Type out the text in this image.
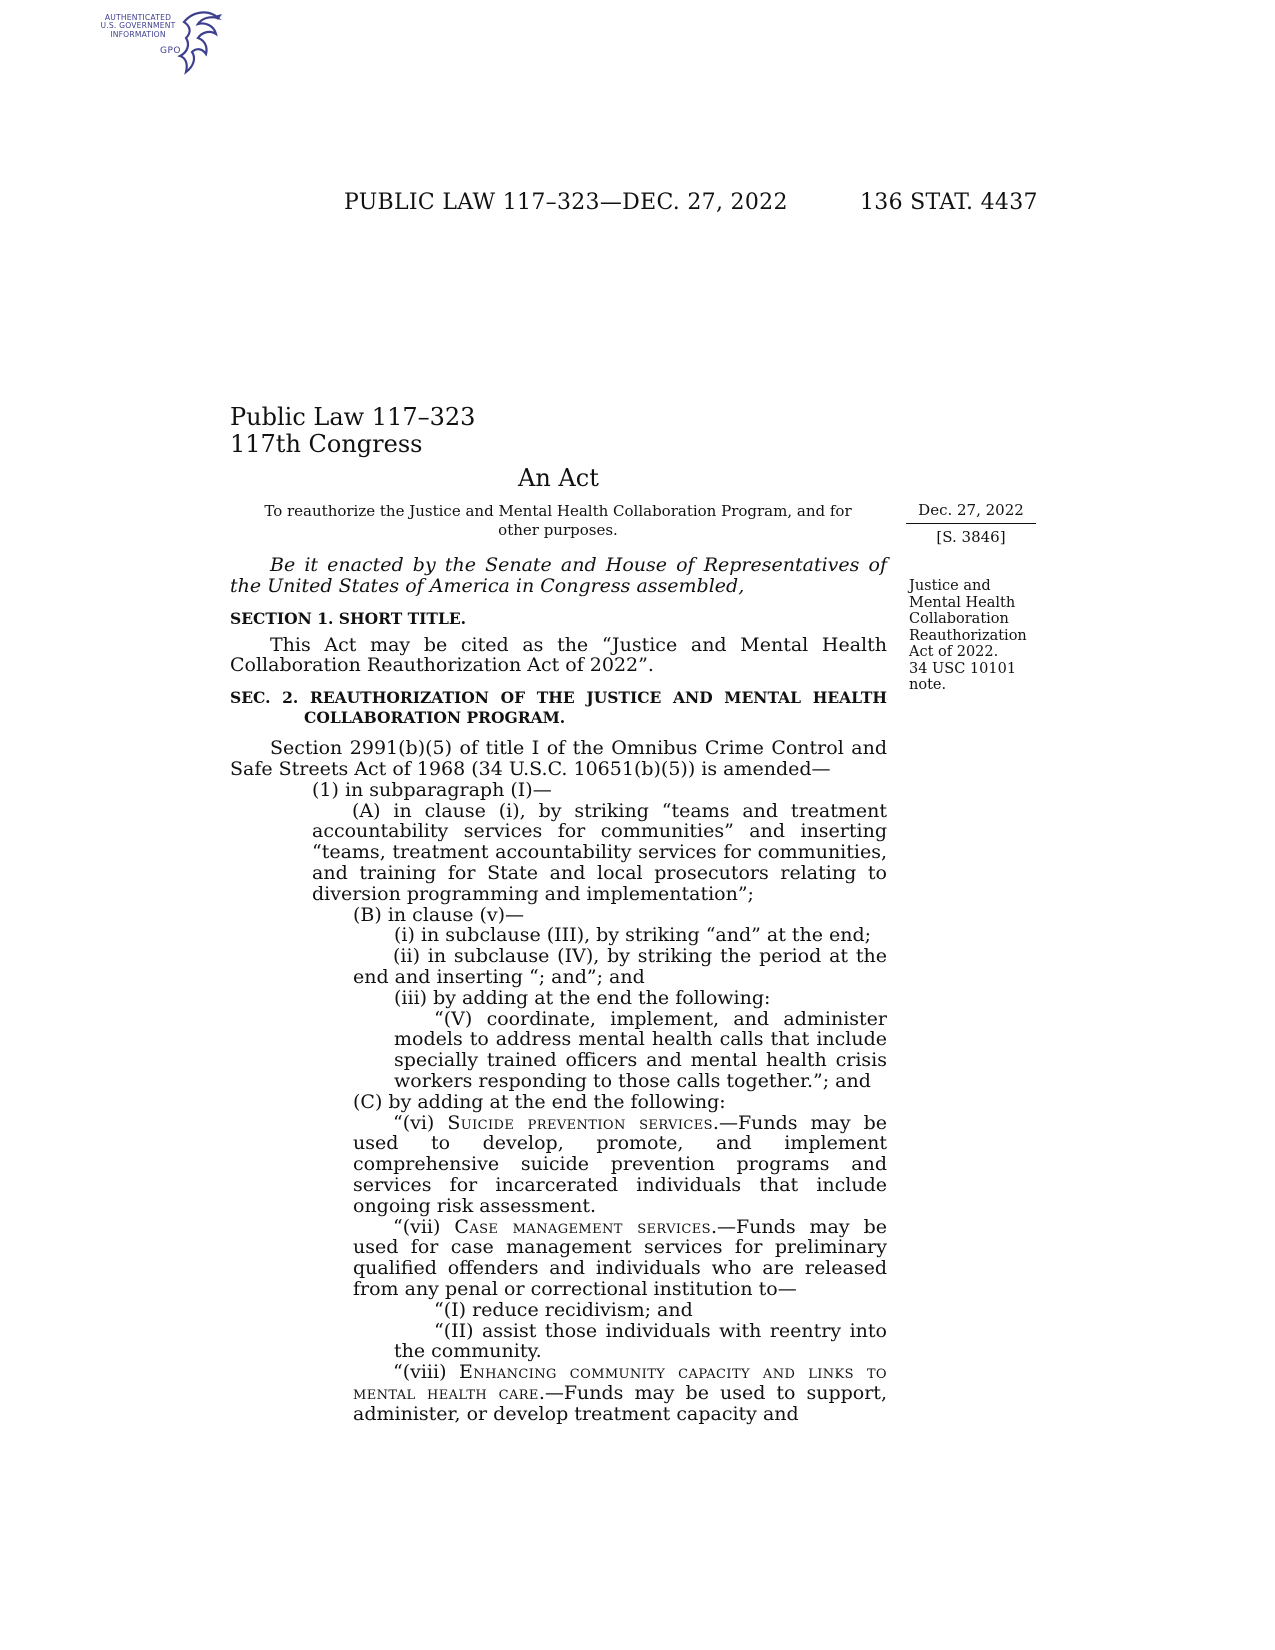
AUTHENTICATED
U.S. GOVERNMENT
INFORMATION
GPO
PUBLIC LAW 117–323—DEC. 27, 2022	136 STAT. 4437
Public Law 117–323
117th Congress
An Act
To reauthorize the Justice and Mental Health Collaboration Program, and for other purposes.
Dec. 27, 2022
[S. 3846]
Justice and
Mental Health
Collaboration
Reauthorization
Act of 2022.
34 USC 10101
note.

Be it enacted by the Senate and House of Representatives of the United States of America in Congress assembled,

SECTION 1. SHORT TITLE.

This Act may be cited as the “Justice and Mental Health Collaboration Reauthorization Act of 2022”.

SEC. 2. REAUTHORIZATION OF THE JUSTICE AND MENTAL HEALTH COLLABORATION PROGRAM.

Section 2991(b)(5) of title I of the Omnibus Crime Control and Safe Streets Act of 1968 (34 U.S.C. 10651(b)(5)) is amended—

(1) in subparagraph (I)—

(A) in clause (i), by striking “teams and treatment accountability services for communities” and inserting “teams, treatment accountability services for communities, and training for State and local prosecutors relating to diversion programming and implementation”;

(B) in clause (v)—

(i) in subclause (III), by striking “and” at the end;

(ii) in subclause (IV), by striking the period at the end and inserting “; and”; and

(iii) by adding at the end the following:

“(V) coordinate, implement, and administer models to address mental health calls that include specially trained officers and mental health crisis workers responding to those calls together.”; and

(C) by adding at the end the following:

“(vi) Suicide prevention services.—Funds may be used to develop, promote, and implement comprehensive suicide prevention programs and services for incarcerated individuals that include ongoing risk assessment.

“(vii) Case management services.—Funds may be used for case management services for preliminary qualified offenders and individuals who are released from any penal or correctional institution to—

“(I) reduce recidivism; and

“(II) assist those individuals with reentry into the community.

“(viii) Enhancing community capacity and links to mental health care.—Funds may be used to support, administer, or develop treatment capacity and
